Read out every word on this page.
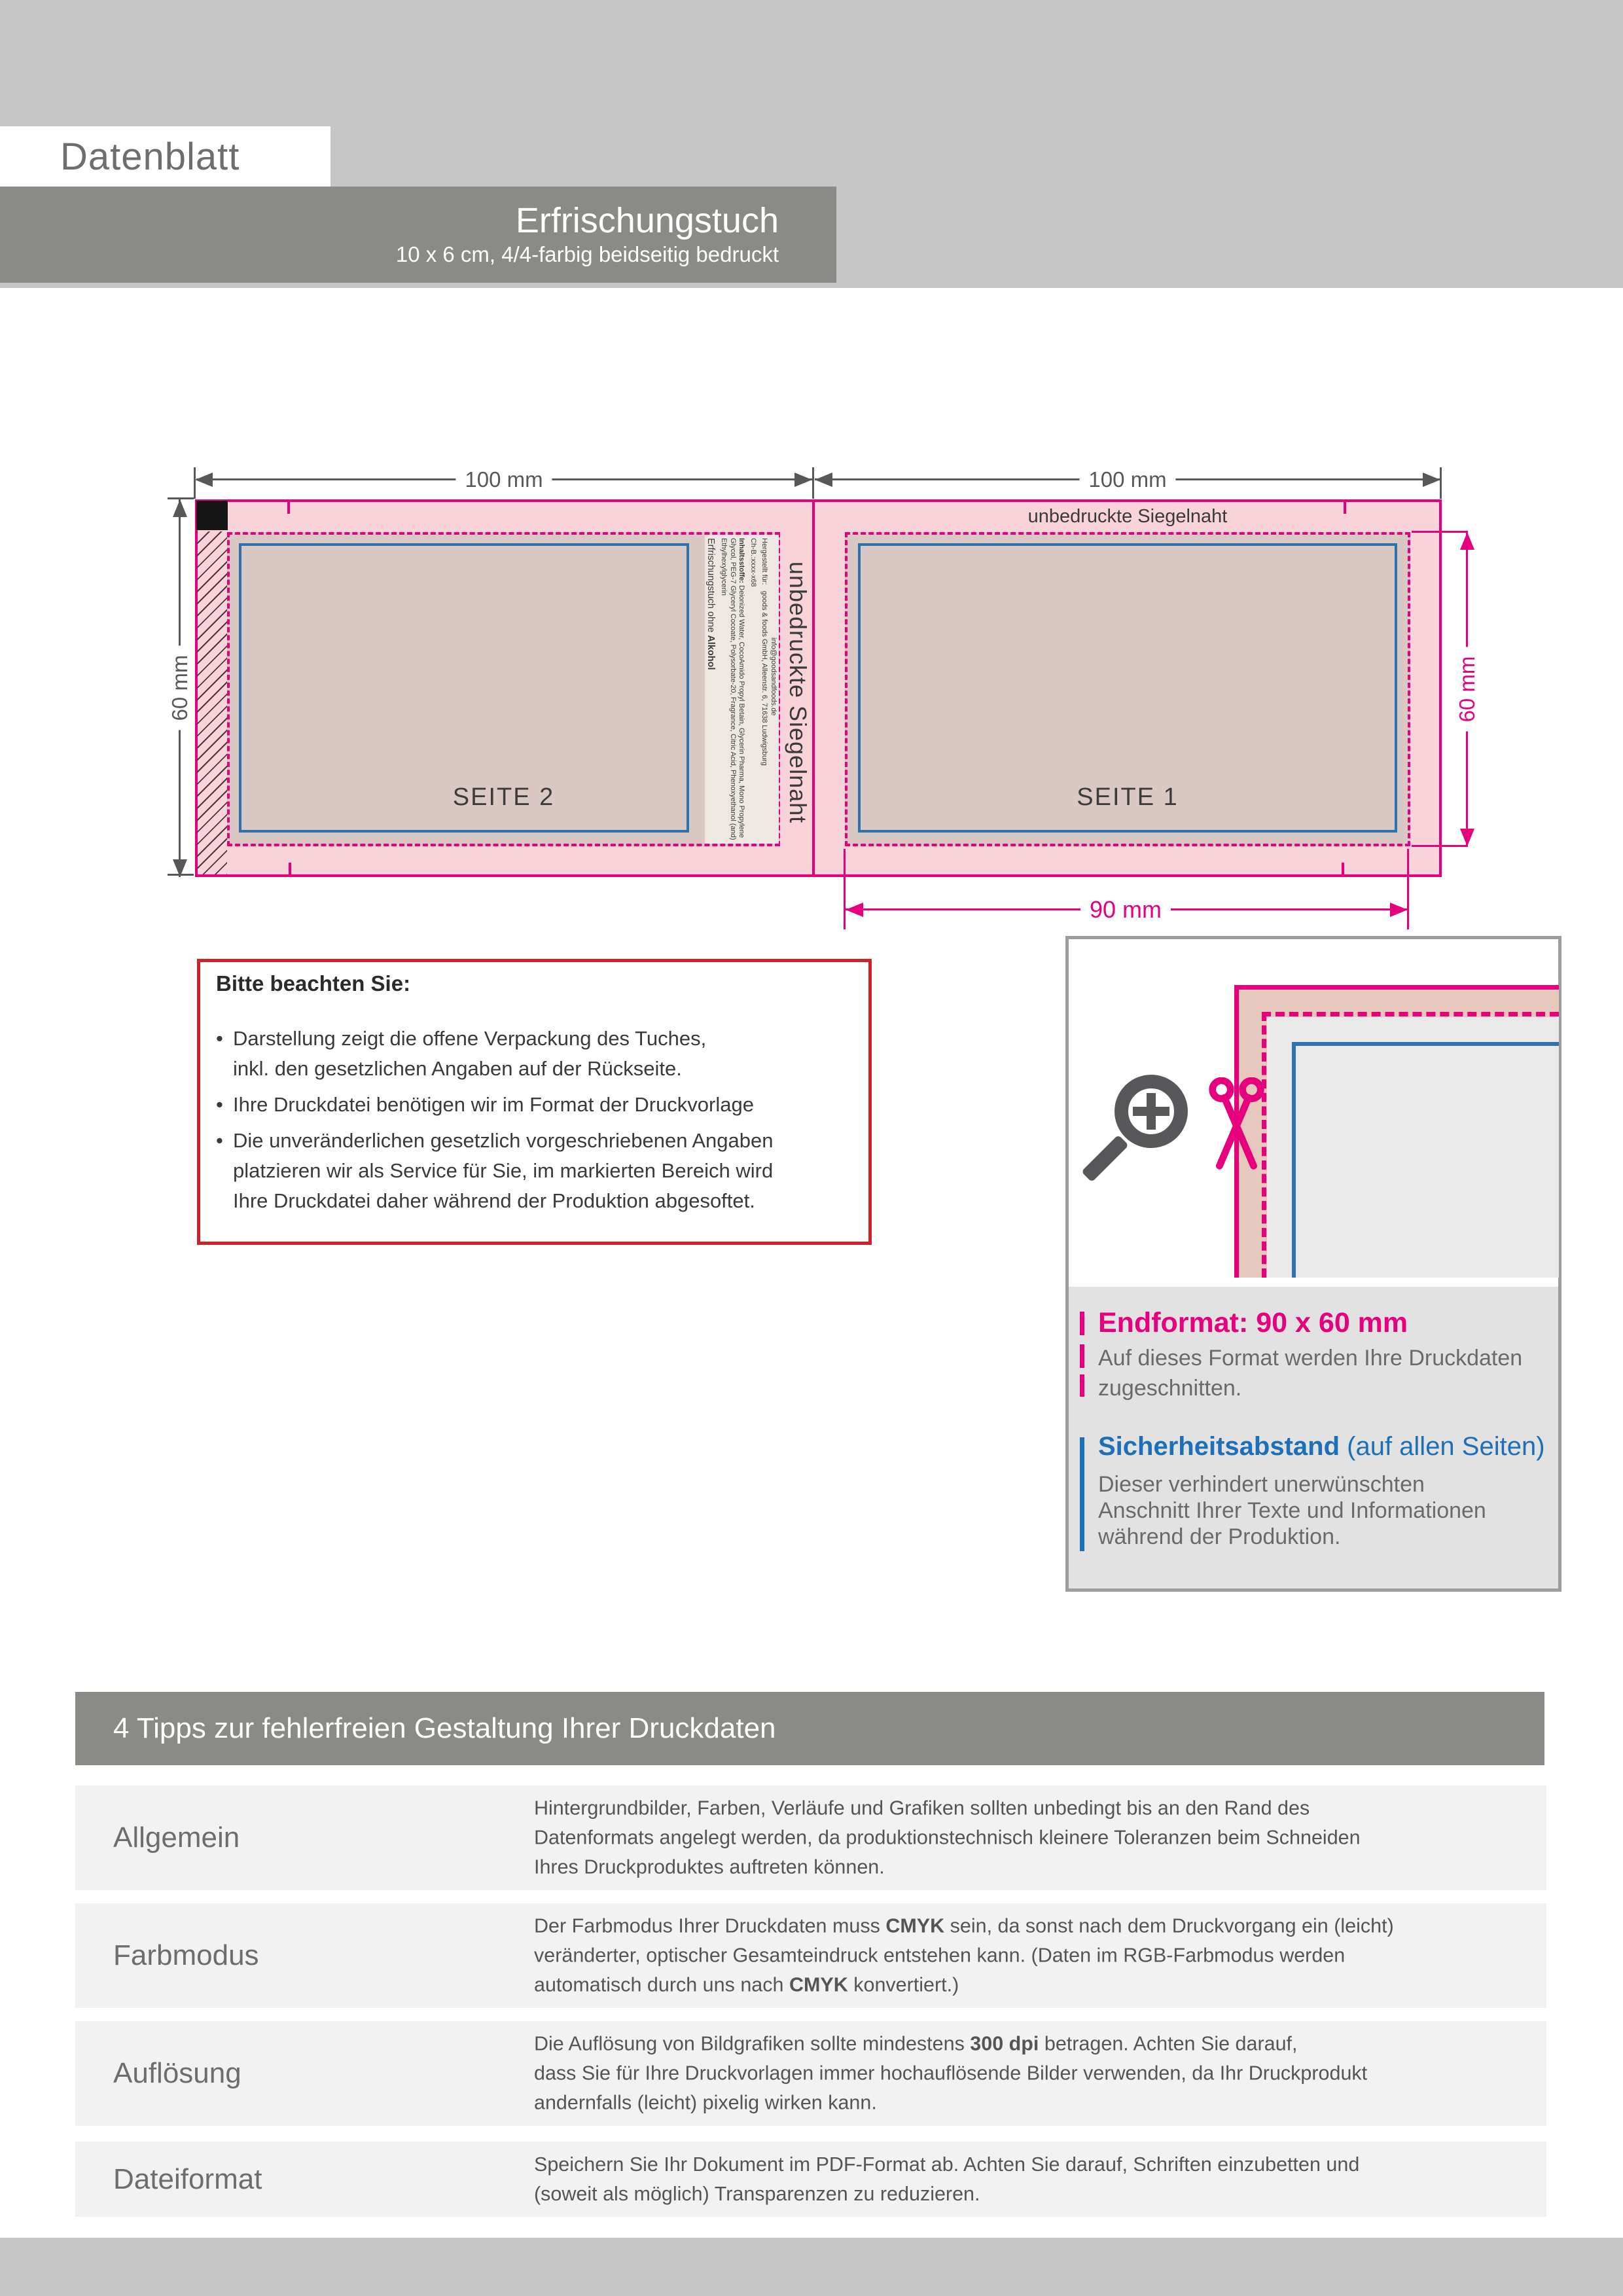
Datenblatt
Erfrischungstuch
10 x 6 cm, 4/4-farbig beidseitig bedruckt
100 mm	100 mm
info@goodsandfoods.de
Hergestellt für:   goods & foods GmbH, Alleenstr. 6, 71638 Ludwigsburg
Ch-B.:xxxx-x68
Inhaltsstoffe: Deionized Water, CocoAmido Propyl Betain, Glycerin Pharma, Mono Propylene Glycol, PEG-7 Glyceryl Cocoate, Polysorbate-20, Fragrance, Citric Acid, Phenoxyethanol (and) Ethylhexylglycerin
Erfrischungstuch ohne Alkohol	unbedruckte Siegelnaht
unbedruckte Siegelnaht
SEITE 2	SEITE 1
60 mm	60 mm
90 mm
Bitte beachten Sie:
• Darstellung zeigt die offene Verpackung des Tuches,
inkl. den gesetzlichen Angaben auf der Rückseite.
• Ihre Druckdatei benötigen wir im Format der Druckvorlage
• Die unveränderlichen gesetzlich vorgeschriebenen Angaben
platzieren wir als Service für Sie, im markierten Bereich wird
Ihre Druckdatei daher während der Produktion abgesoftet.
Endformat: 90 x 60 mm
Auf dieses Format werden Ihre Druckdaten
zugeschnitten.
Sicherheitsabstand (auf allen Seiten)
Dieser verhindert unerwünschten
Anschnitt Ihrer Texte und Informationen
während der Produktion.
4 Tipps zur fehlerfreien Gestaltung Ihrer Druckdaten
Allgemein
Hintergrundbilder, Farben, Verläufe und Grafiken sollten unbedingt bis an den Rand des
Datenformats angelegt werden, da produktionstechnisch kleinere Toleranzen beim Schneiden
Ihres Druckproduktes auftreten können.
Farbmodus
Der Farbmodus Ihrer Druckdaten muss CMYK sein, da sonst nach dem Druckvorgang ein (leicht)
veränderter, optischer Gesamteindruck entstehen kann. (Daten im RGB-Farbmodus werden
automatisch durch uns nach CMYK konvertiert.)
Auflösung
Die Auflösung von Bildgrafiken sollte mindestens 300 dpi betragen. Achten Sie darauf,
dass Sie für Ihre Druckvorlagen immer hochauflösende Bilder verwenden, da Ihr Druckprodukt
andernfalls (leicht) pixelig wirken kann.
Dateiformat	Speichern Sie Ihr Dokument im PDF-Format ab. Achten Sie darauf, Schriften einzubetten und
(soweit als möglich) Transparenzen zu reduzieren.
